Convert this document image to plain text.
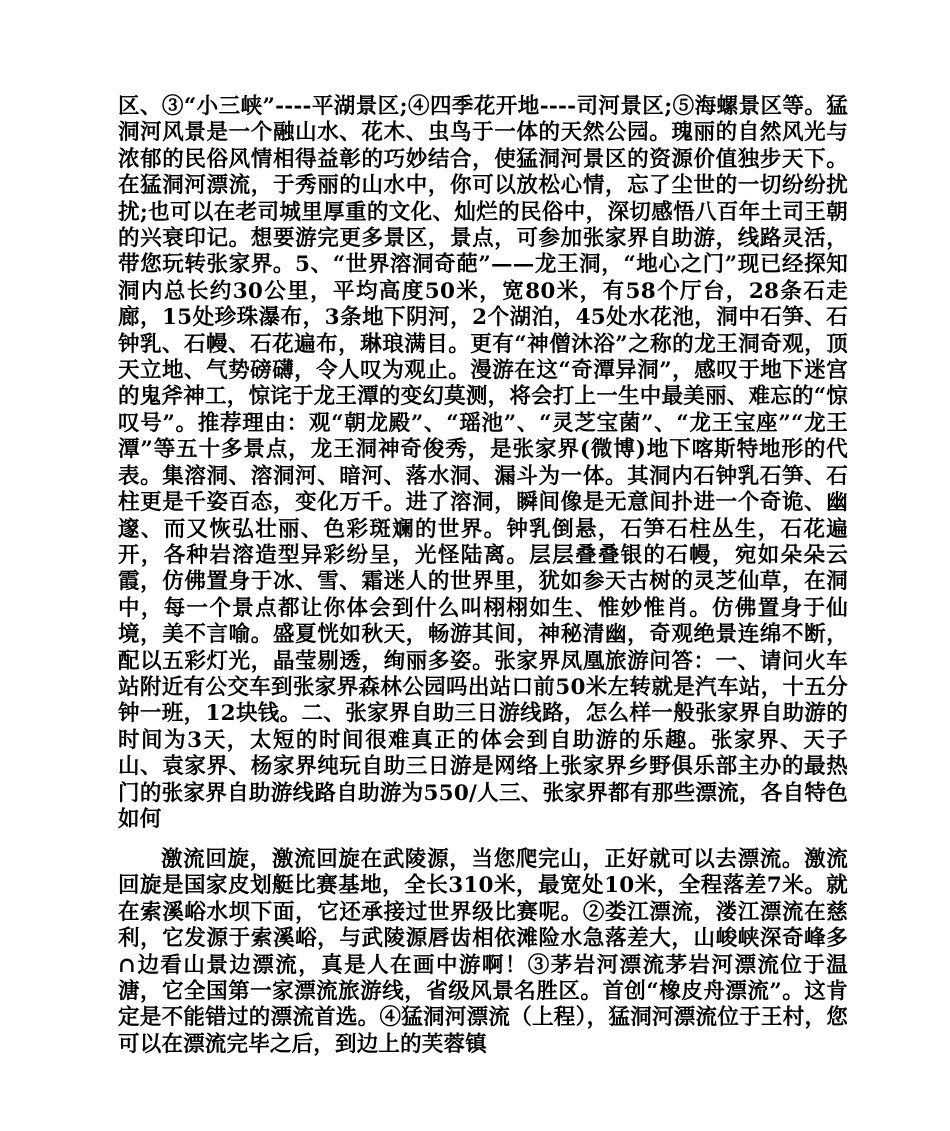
区、③“小三峡”----平湖景区;④四季花开地----司河景区;⑤海螺景区等。猛洞河风景是一个融山水、花木、虫鸟于一体的天然公园。瑰丽的自然风光与浓郁的民俗风情相得益彰的巧妙结合，使猛洞河景区的资源价值独步天下。在猛洞河漂流，于秀丽的山水中，你可以放松心情，忘了尘世的一切纷纷扰扰;也可以在老司城里厚重的文化、灿烂的民俗中，深切感悟八百年土司王朝的兴衰印记。想要游完更多景区，景点，可参加张家界自助游，线路灵活，带您玩转张家界。5、“世界溶洞奇葩”——龙王洞，“地心之门”现已经探知洞内总长约30公里，平均高度50米，宽80米，有58个厅台，28条石走廊，15处珍珠瀑布，3条地下阴河，2个湖泊，45处水花池，洞中石笋、石钟乳、石幔、石花遍布，琳琅满目。更有“神僧沐浴”之称的龙王洞奇观，顶天立地、气势磅礴，令人叹为观止。漫游在这“奇潭异洞”，感叹于地下迷宫的鬼斧神工，惊诧于龙王潭的变幻莫测，将会打上一生中最美丽、难忘的“惊叹号”。推荐理由：观“朝龙殿”、“瑶池”、“灵芝宝菌”、“龙王宝座”“龙王潭”等五十多景点，龙王洞神奇俊秀，是张家界(微博)地下喀斯特地形的代表。集溶洞、溶洞河、暗河、落水洞、漏斗为一体。其洞内石钟乳石笋、石柱更是千姿百态，变化万千。进了溶洞，瞬间像是无意间扑进一个奇诡、幽邃、而又恢弘壮丽、色彩斑斓的世界。钟乳倒悬，石笋石柱丛生，石花遍开，各种岩溶造型异彩纷呈，光怪陆离。层层叠叠银的石幔，宛如朵朵云霞，仿佛置身于冰、雪、霜迷人的世界里，犹如参天古树的灵芝仙草，在洞中，每一个景点都让你体会到什么叫栩栩如生、惟妙惟肖。仿佛置身于仙境，美不言喻。盛夏恍如秋天，畅游其间，神秘清幽，奇观绝景连绵不断，配以五彩灯光，晶莹剔透，绚丽多姿。张家界凤凰旅游问答：一、请问火车站附近有公交车到张家界森林公园吗出站口前50米左转就是汽车站，十五分钟一班，12块钱。二、张家界自助三日游线路，怎么样一般张家界自助游的时间为3天，太短的时间很难真正的体会到自助游的乐趣。张家界、天子山、袁家界、杨家界纯玩自助三日游是网络上张家界乡野俱乐部主办的最热门的张家界自助游线路自助游为550/人三、张家界都有那些漂流，各自特色如何

激流回旋，激流回旋在武陵源，当您爬完山，正好就可以去漂流。激流回旋是国家皮划艇比赛基地，全长310米，最宽处10米，全程落差7米。就在索溪峪水坝下面，它还承接过世界级比赛呢。②娄江漂流，溇江漂流在慈利，它发源于索溪峪，与武陵源唇齿相依滩险水急落差大，山峻峡深奇峰多∩边看山景边漂流，真是人在画中游啊！③茅岩河漂流茅岩河漂流位于温溏，它全国第一家漂流旅游线，省级风景名胜区。首创“橡皮舟漂流”。这肯定是不能错过的漂流首选。④猛洞河漂流（上程），猛洞河漂流位于王村，您可以在漂流完毕之后，到边上的芙蓉镇
